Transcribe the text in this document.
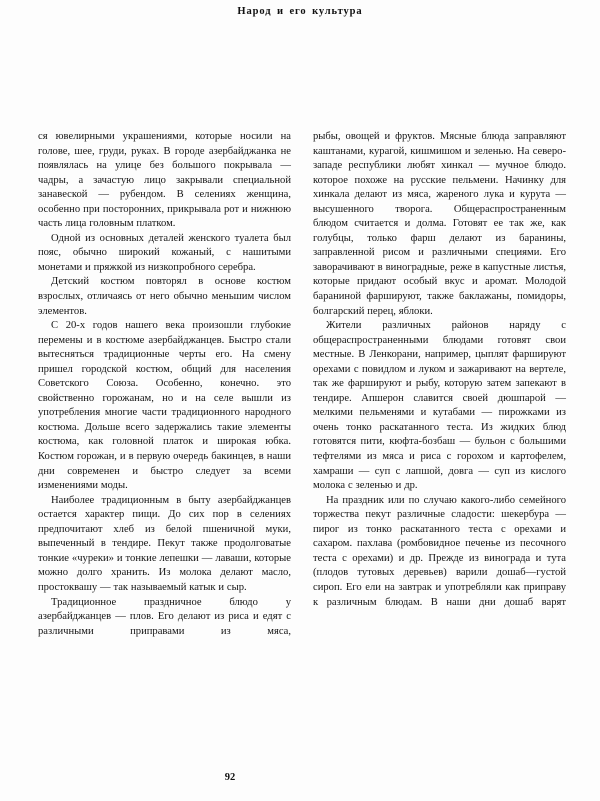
Народ и его культура

ся ювелирными украшениями, которые носили на голове, шее, груди, руках. В городе азербайджанка не появлялась на улице без большого покрывала — чадры, а зачастую лицо закрывали специальной занавеской — рубендом. В селениях женщина, особенно при посторонних, прикрывала рот и нижнюю часть лица головным платком.

Одной из основных деталей женского туалета был пояс, обычно широкий кожаный, с нашитыми монетами и пряжкой из низкопробного серебра.

Детский костюм повторял в основе костюм взрослых, отличаясь от него обычно меньшим числом элементов.

С 20-х годов нашего века произошли глубокие перемены и в костюме азербайджанцев. Быстро стали вытесняться традиционные черты его. На смену пришел городской костюм, общий для населения Советского Союза. Особенно, конечно. это свойственно горожанам, но и на селе вышли из употребления многие части традиционного народного костюма. Дольше всего задержались такие элементы костюма, как головной платок и широкая юбка. Костюм горожан, и в первую очередь бакинцев, в наши дни современен и быстро следует за всеми изменениями моды.

Наиболее традиционным в быту азербайджанцев остается характер пищи. До сих пор в селениях предпочитают хлеб из белой пшеничной муки, выпеченный в тендире. Пекут также продолговатые тонкие «чуреки» и тонкие лепешки — лаваши, которые можно долго хранить. Из молока делают масло, простоквашу — так называемый катык и сыр.

Традиционное праздничное блюдо у азербайджанцев — плов. Его делают из риса и едят с различными приправами из мяса,

рыбы, овощей и фруктов. Мясные блюда заправляют каштанами, курагой, кишмишом и зеленью. На северо-западе республики любят хинкал — мучное блюдо. которое похоже на русские пельмени. Начинку для хинкала делают из мяса, жареного лука и курута — высушенного творога. Общераспространенным блюдом считается и долма. Готовят ее так же, как голубцы, только фарш делают из баранины, заправленной рисом и различными специями. Его заворачивают в виноградные, реже в капустные листья, которые придают особый вкус и аромат. Молодой бараниной фаршируют, также баклажаны, помидоры, болгарский перец, яблоки.

Жители различных районов наряду с общераспространенными блюдами готовят свои местные. В Ленкорани, например, цыплят фаршируют орехами с повидлом и луком и зажаривают на вертеле, так же фаршируют и рыбу, которую затем запекают в тендире. Апшерон славится своей дюшпарой — мелкими пельменями и кутабами — пирожками из очень тонко раскатанного теста. Из жидких блюд готовятся пити, кюфта-бозбаш — бульон с большими тефтелями из мяса и риса с горохом и картофелем, хамраши — суп с лапшой, довга — суп из кислого молока с зеленью и др.

На праздник или по случаю какого-либо семейного торжества пекут различные сладости: шекербура — пирог из тонко раскатанного теста с орехами и сахаром. пахлава (ромбовидное печенье из песочного теста с орехами) и др. Прежде из винограда и тута (плодов тутовых деревьев) варили дошаб—густой сироп. Его ели на завтрак и употребляли как приправу к различным блюдам. В наши дни дошаб варят

92
